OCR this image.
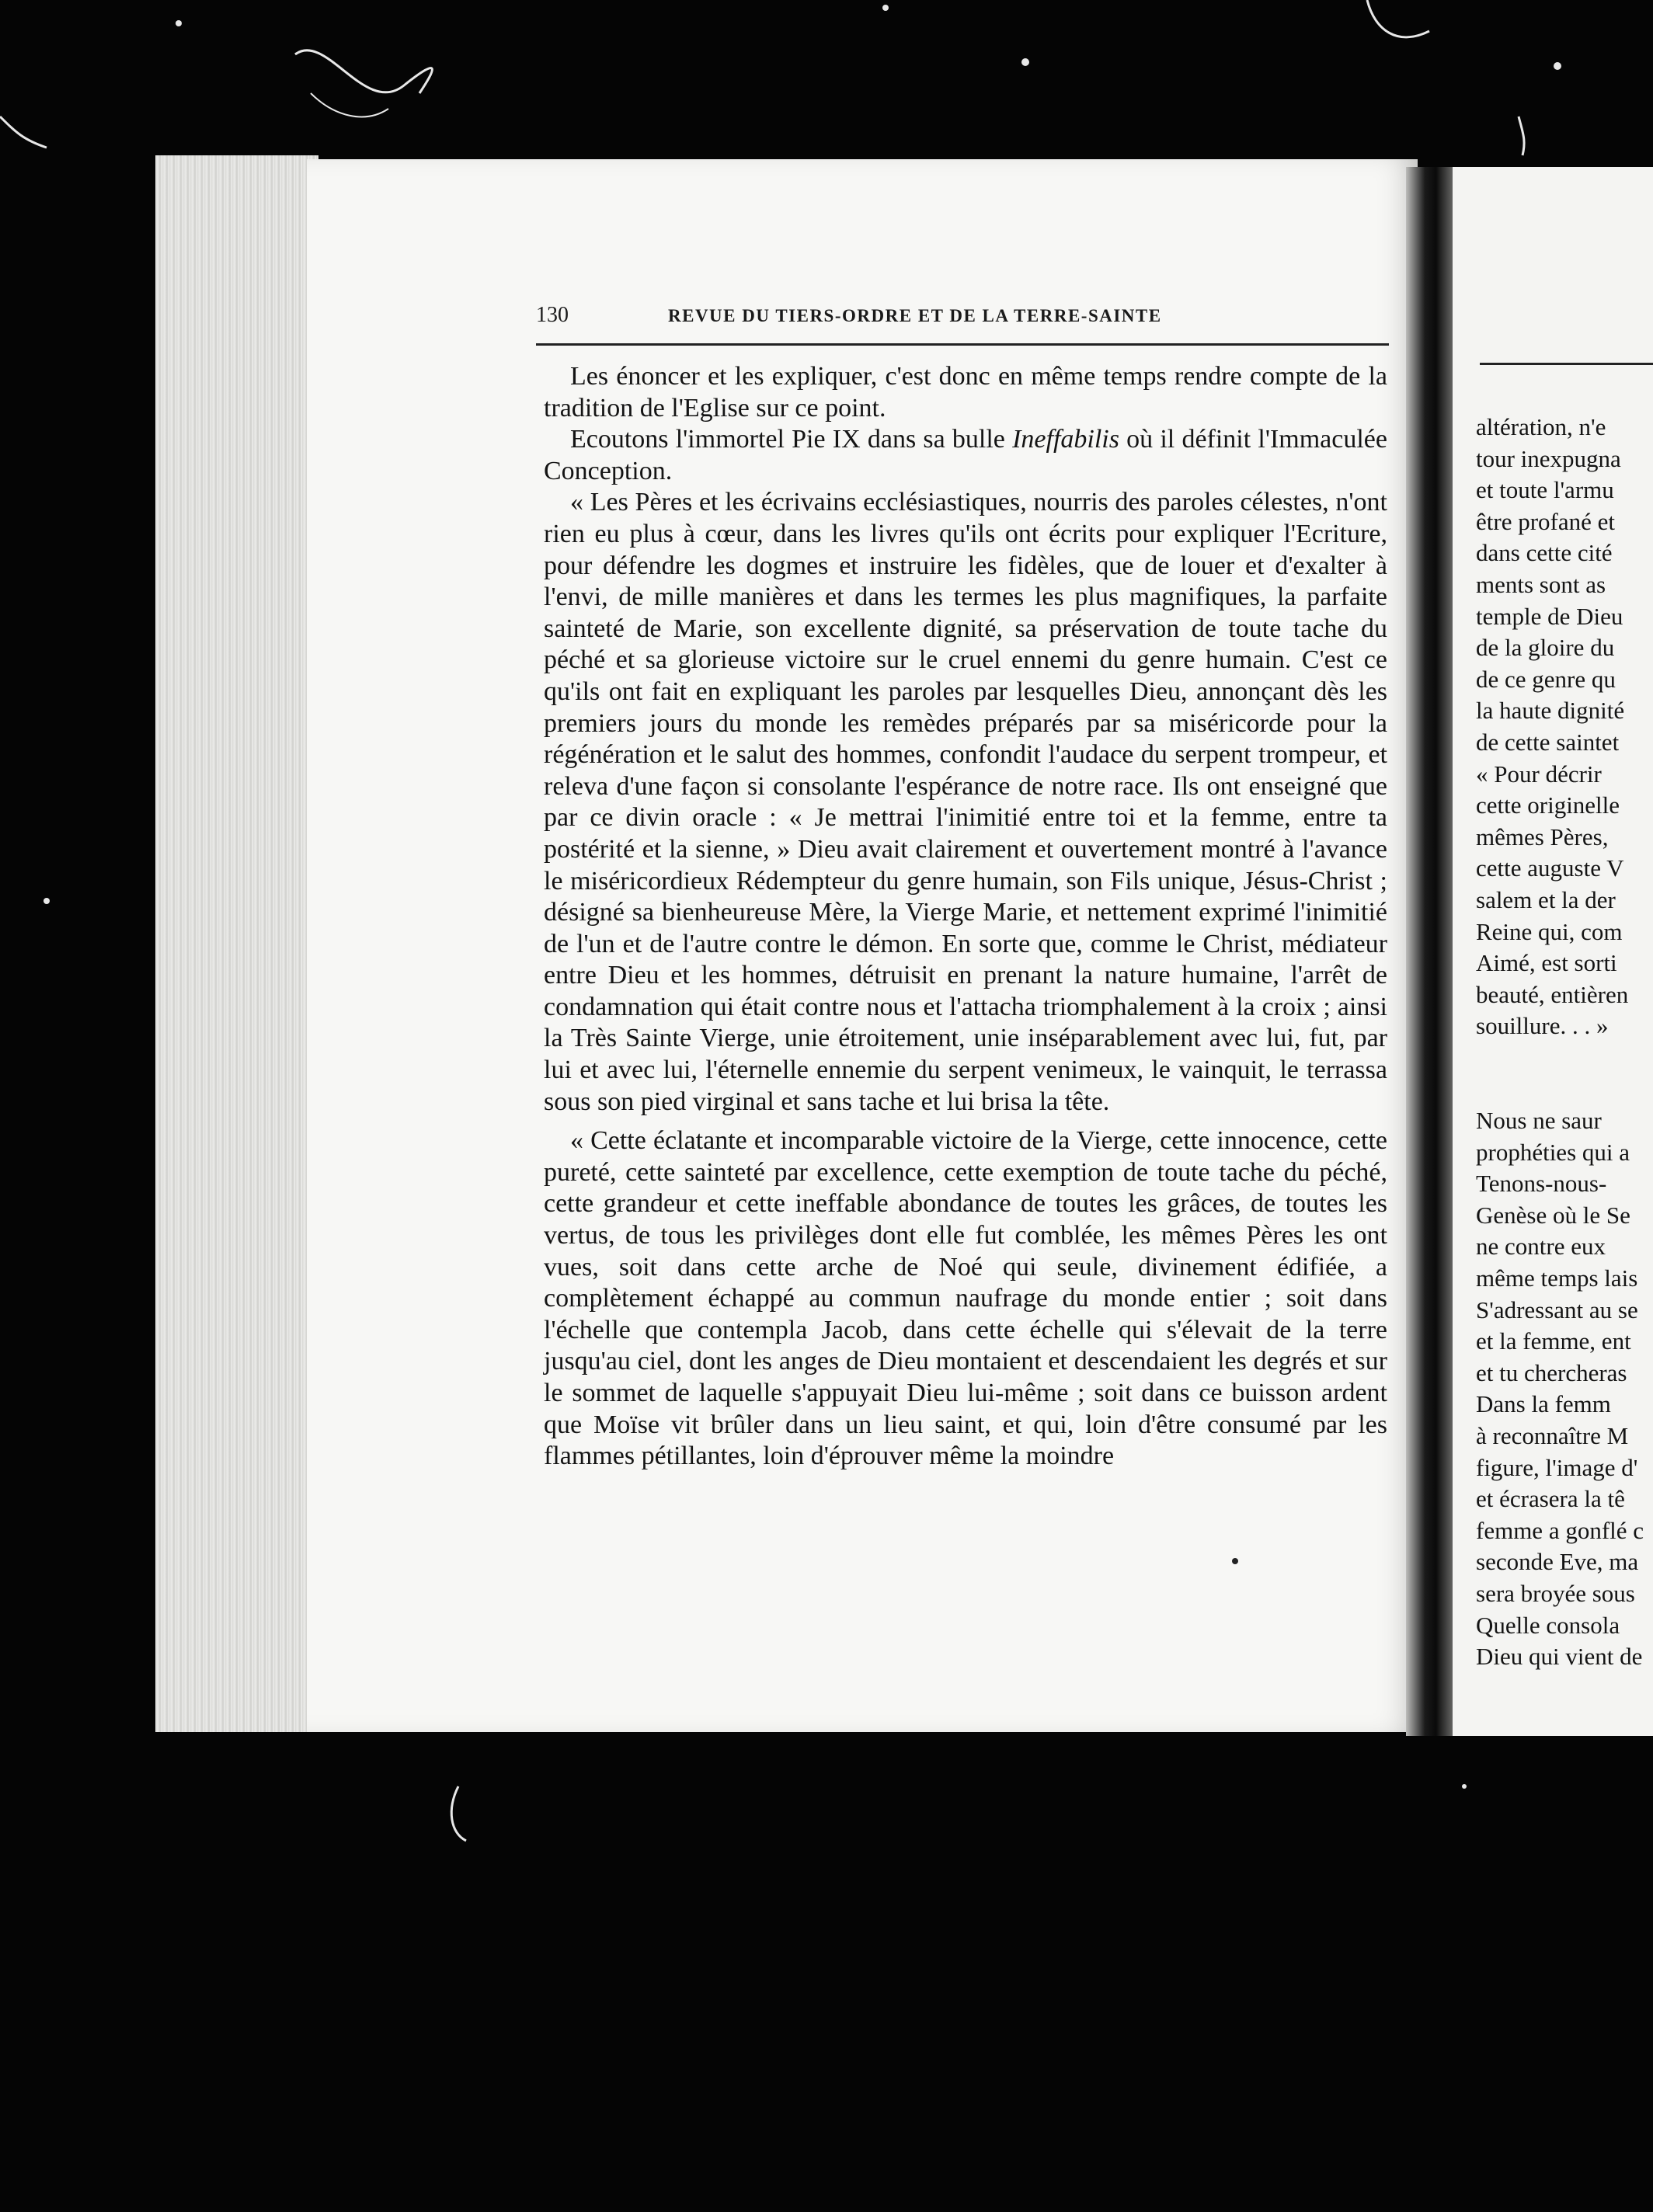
130	REVUE DU TIERS-ORDRE ET DE LA TERRE-SAINTE

Les énoncer et les expliquer, c'est donc en même temps rendre compte de la tradition de l'Eglise sur ce point.

Ecoutons l'immortel Pie IX dans sa bulle Ineffabilis où il définit l'Immaculée Conception.

« Les Pères et les écrivains ecclésiastiques, nourris des paroles célestes, n'ont rien eu plus à cœur, dans les livres qu'ils ont écrits pour expliquer l'Ecriture, pour défendre les dogmes et instruire les fidèles, que de louer et d'exalter à l'envi, de mille manières et dans les termes les plus magnifiques, la parfaite sainteté de Marie, son excellente dignité, sa préservation de toute tache du péché et sa glorieuse victoire sur le cruel ennemi du genre humain. C'est ce qu'ils ont fait en expliquant les paroles par lesquelles Dieu, annonçant dès les premiers jours du monde les remèdes préparés par sa miséricorde pour la régénération et le salut des hommes, confondit l'audace du serpent trompeur, et releva d'une façon si consolante l'espérance de notre race. Ils ont enseigné que par ce divin oracle : « Je mettrai l'inimitié entre toi et la femme, entre ta postérité et la sienne, » Dieu avait clairement et ouvertement montré à l'avance le miséricordieux Rédempteur du genre humain, son Fils unique, Jésus-Christ ; désigné sa bienheureuse Mère, la Vierge Marie, et nettement exprimé l'inimitié de l'un et de l'autre contre le démon. En sorte que, comme le Christ, médiateur entre Dieu et les hommes, détruisit en prenant la nature humaine, l'arrêt de condamnation qui était contre nous et l'attacha triomphalement à la croix ; ainsi la Très Sainte Vierge, unie étroitement, unie inséparablement avec lui, fut, par lui et avec lui, l'éternelle ennemie du serpent venimeux, le vainquit, le terrassa sous son pied virginal et sans tache et lui brisa la tête.

« Cette éclatante et incomparable victoire de la Vierge, cette innocence, cette pureté, cette sainteté par excellence, cette exemption de toute tache du péché, cette grandeur et cette ineffable abondance de toutes les grâces, de toutes les vertus, de tous les privilèges dont elle fut comblée, les mêmes Pères les ont vues, soit dans cette arche de Noé qui seule, divinement édifiée, a complètement échappé au commun naufrage du monde entier ; soit dans l'échelle que contempla Jacob, dans cette échelle qui s'élevait de la terre jusqu'au ciel, dont les anges de Dieu montaient et descendaient les degrés et sur le sommet de laquelle s'appuyait Dieu lui-même ; soit dans ce buisson ardent que Moïse vit brûler dans un lieu saint, et qui, loin d'être consumé par les flammes pétillantes, loin d'éprouver même la moindre

altération, n'e
tour inexpugna
et toute l'armu
être profané et
dans cette cité
ments sont as
temple de Dieu
de la gloire du
de ce genre qu
la haute dignité
de cette saintet
« Pour décrir
cette originelle
mêmes Pères,
cette auguste V
salem et la der
Reine qui, com
Aimé, est sorti
beauté, entièren
souillure. . . »
Nous ne saur
prophéties qui a
Tenons-nous-
Genèse où le Se
ne contre eux
même temps lais
S'adressant au se
et la femme, ent
et tu chercheras
Dans la femm
à reconnaître M
figure, l'image d'
et écrasera la tê
femme a gonflé c
seconde Eve, ma
sera broyée sous
Quelle consola
Dieu qui vient de
